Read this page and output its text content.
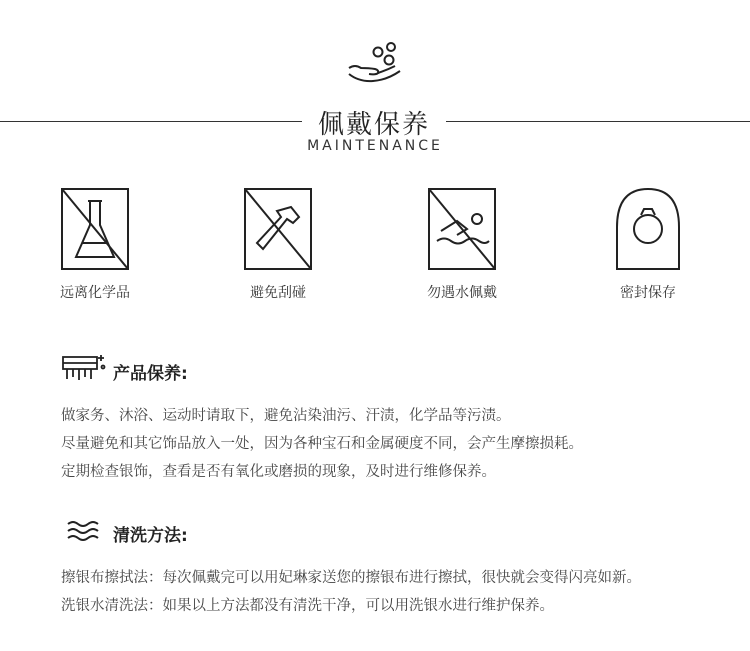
佩戴保养
MAINTENANCE
远离化学品	避免刮碰	勿遇水佩戴	密封保存
产品保养:
做家务、沐浴、运动时请取下，避免沾染油污、汗渍，化学品等污渍。
尽量避免和其它饰品放入一处，因为各种宝石和金属硬度不同，会产生摩擦损耗。
定期检查银饰，查看是否有氧化或磨损的现象，及时进行维修保养。
清洗方法:
擦银布擦拭法：每次佩戴完可以用妃琳家送您的擦银布进行擦拭，很快就会变得闪亮如新。
洗银水清洗法：如果以上方法都没有清洗干净，可以用洗银水进行维护保养。
